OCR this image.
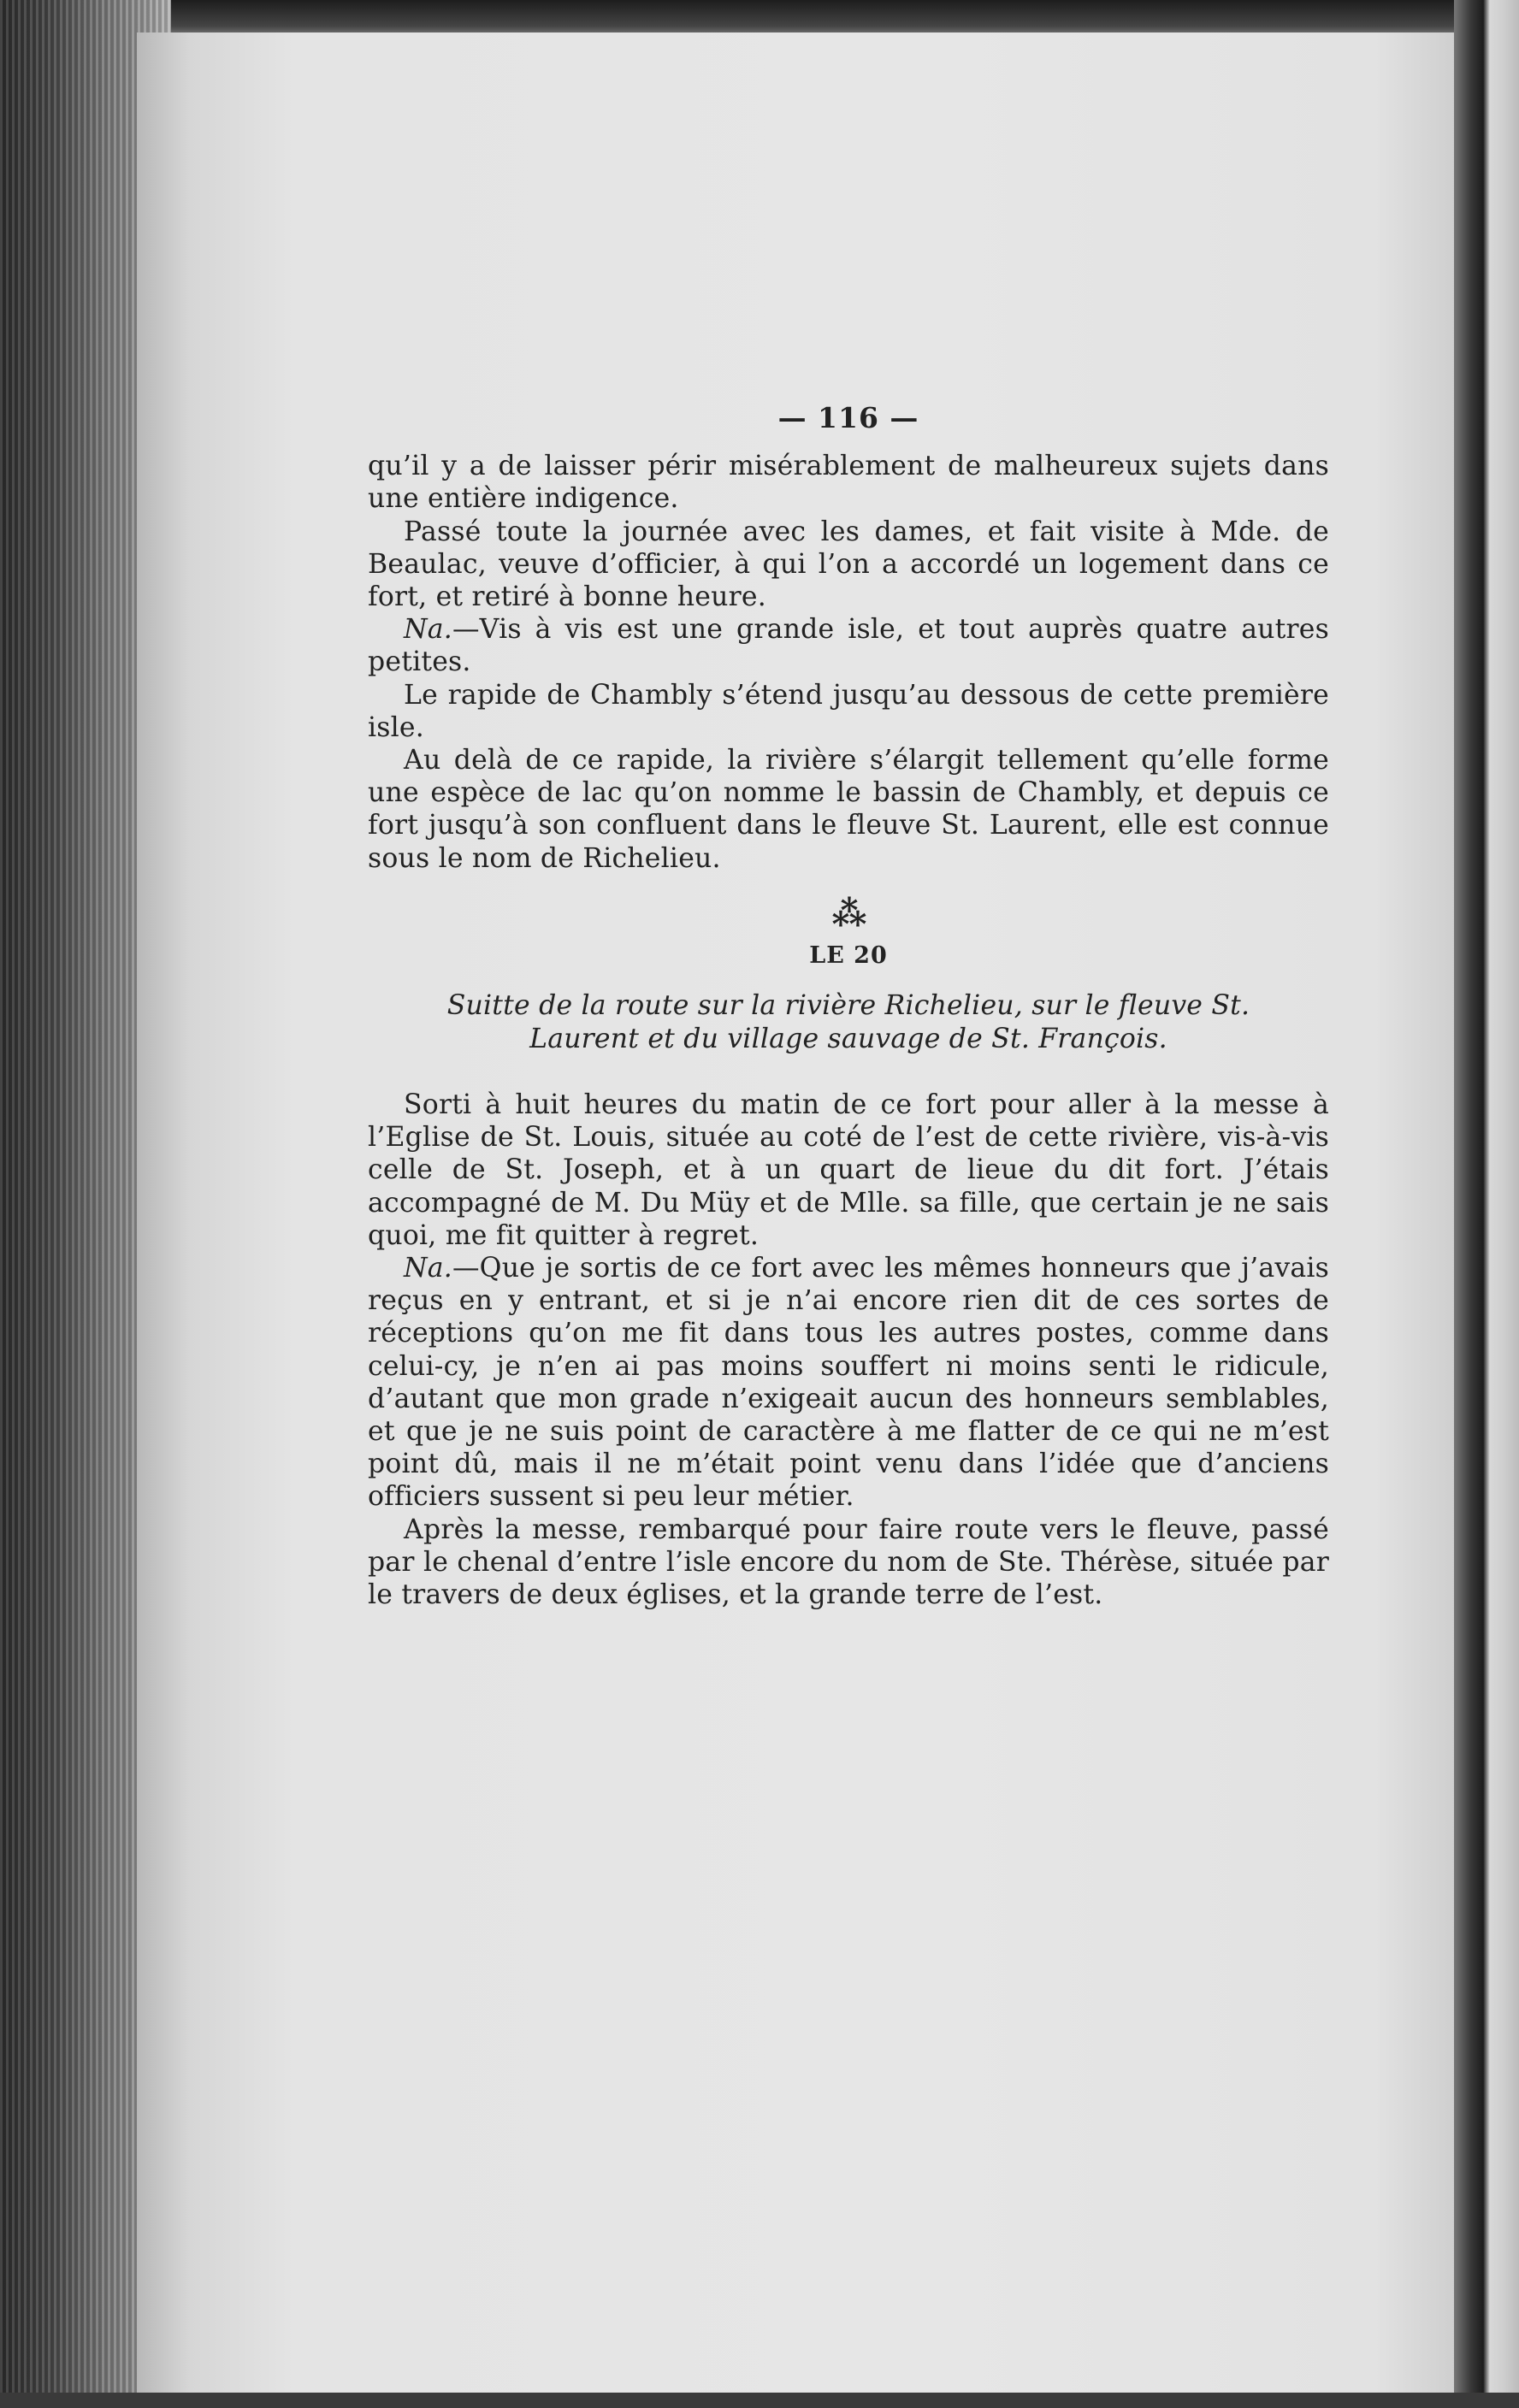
— 116 —

qu’il y a de laisser périr misérablement de malheureux sujets dans une entière indigence.

Passé toute la journée avec les dames, et fait visite à Mde. de Beaulac, veuve d’officier, à qui l’on a accordé un logement dans ce fort, et retiré à bonne heure.

Na.—Vis à vis est une grande isle, et tout auprès quatre autres petites.

Le rapide de Chambly s’étend jusqu’au dessous de cette première isle.

Au delà de ce rapide, la rivière s’élargit tellement qu’elle forme une espèce de lac qu’on nomme le bassin de Chambly, et depuis ce fort jusqu’à son confluent dans le fleuve St. Laurent, elle est connue sous le nom de Richelieu.

⁂
LE 20
Suitte de la route sur la rivière Richelieu, sur le fleuve St.
Laurent et du village sauvage de St. François.

Sorti à huit heures du matin de ce fort pour aller à la messe à l’Eglise de St. Louis, située au coté de l’est de cette rivière, vis-à-vis celle de St. Joseph, et à un quart de lieue du dit fort. J’étais accompagné de M. Du Müy et de Mlle. sa fille, que certain je ne sais quoi, me fit quitter à regret.

Na.—Que je sortis de ce fort avec les mêmes honneurs que j’avais reçus en y entrant, et si je n’ai encore rien dit de ces sortes de réceptions qu’on me fit dans tous les autres postes, comme dans celui-cy, je n’en ai pas moins souffert ni moins senti le ridicule, d’autant que mon grade n’exigeait aucun des honneurs semblables, et que je ne suis point de caractère à me flatter de ce qui ne m’est point dû, mais il ne m’était point venu dans l’idée que d’anciens officiers sussent si peu leur métier.

Après la messe, rembarqué pour faire route vers le fleuve, passé par le chenal d’entre l’isle encore du nom de Ste. Thérèse, située par le travers de deux églises, et la grande terre de l’est.
